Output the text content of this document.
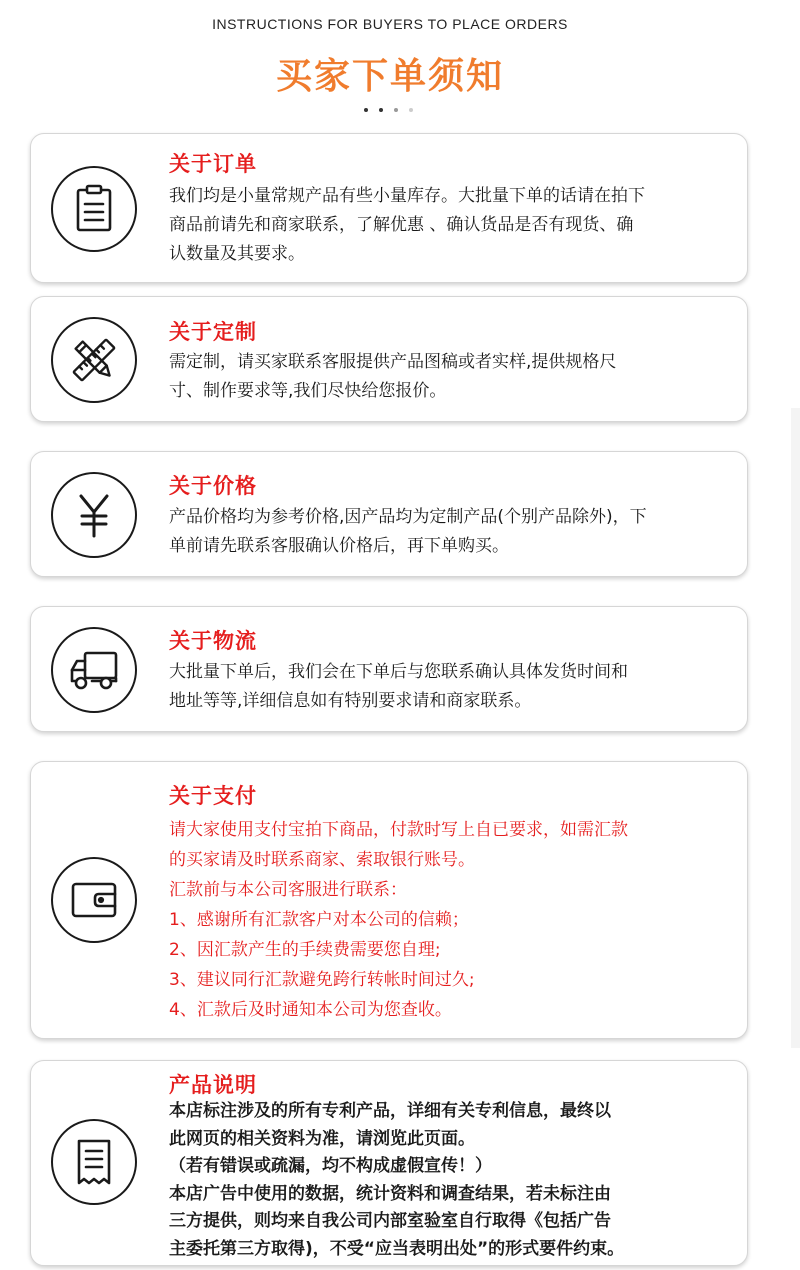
INSTRUCTIONS FOR BUYERS TO PLACE ORDERS
买家下单须知
关于订单
我们均是小量常规产品有些小量库存。大批量下单的话请在拍下
商品前请先和商家联系，了解优惠 、确认货品是否有现货、确
认数量及其要求。
关于定制
需定制，请买家联系客服提供产品图稿或者实样,提供规格尺
寸、制作要求等,我们尽快给您报价。
关于价格
产品价格均为参考价格,因产品均为定制产品(个别产品除外)，下
单前请先联系客服确认价格后，再下单购买。
关于物流
大批量下单后，我们会在下单后与您联系确认具体发货时间和
地址等等,详细信息如有特别要求请和商家联系。
关于支付
请大家使用支付宝拍下商品，付款时写上自已要求，如需汇款
的买家请及时联系商家、索取银行账号。
汇款前与本公司客服进行联系：
1、感谢所有汇款客户对本公司的信赖；
2、因汇款产生的手续费需要您自理;
3、建议同行汇款避免跨行转帐时间过久;
4、汇款后及时通知本公司为您查收。
产品说明
本店标注涉及的所有专利产品，详细有关专利信息，最终以
此网页的相关资料为准，请浏览此页面。
（若有错误或疏漏，均不构成虚假宣传！）
本店广告中使用的数据，统计资料和调查结果，若未标注由
三方提供，则均来自我公司内部室验室自行取得《包括广告
主委托第三方取得)，不受“应当表明出处”的形式要件约束。
